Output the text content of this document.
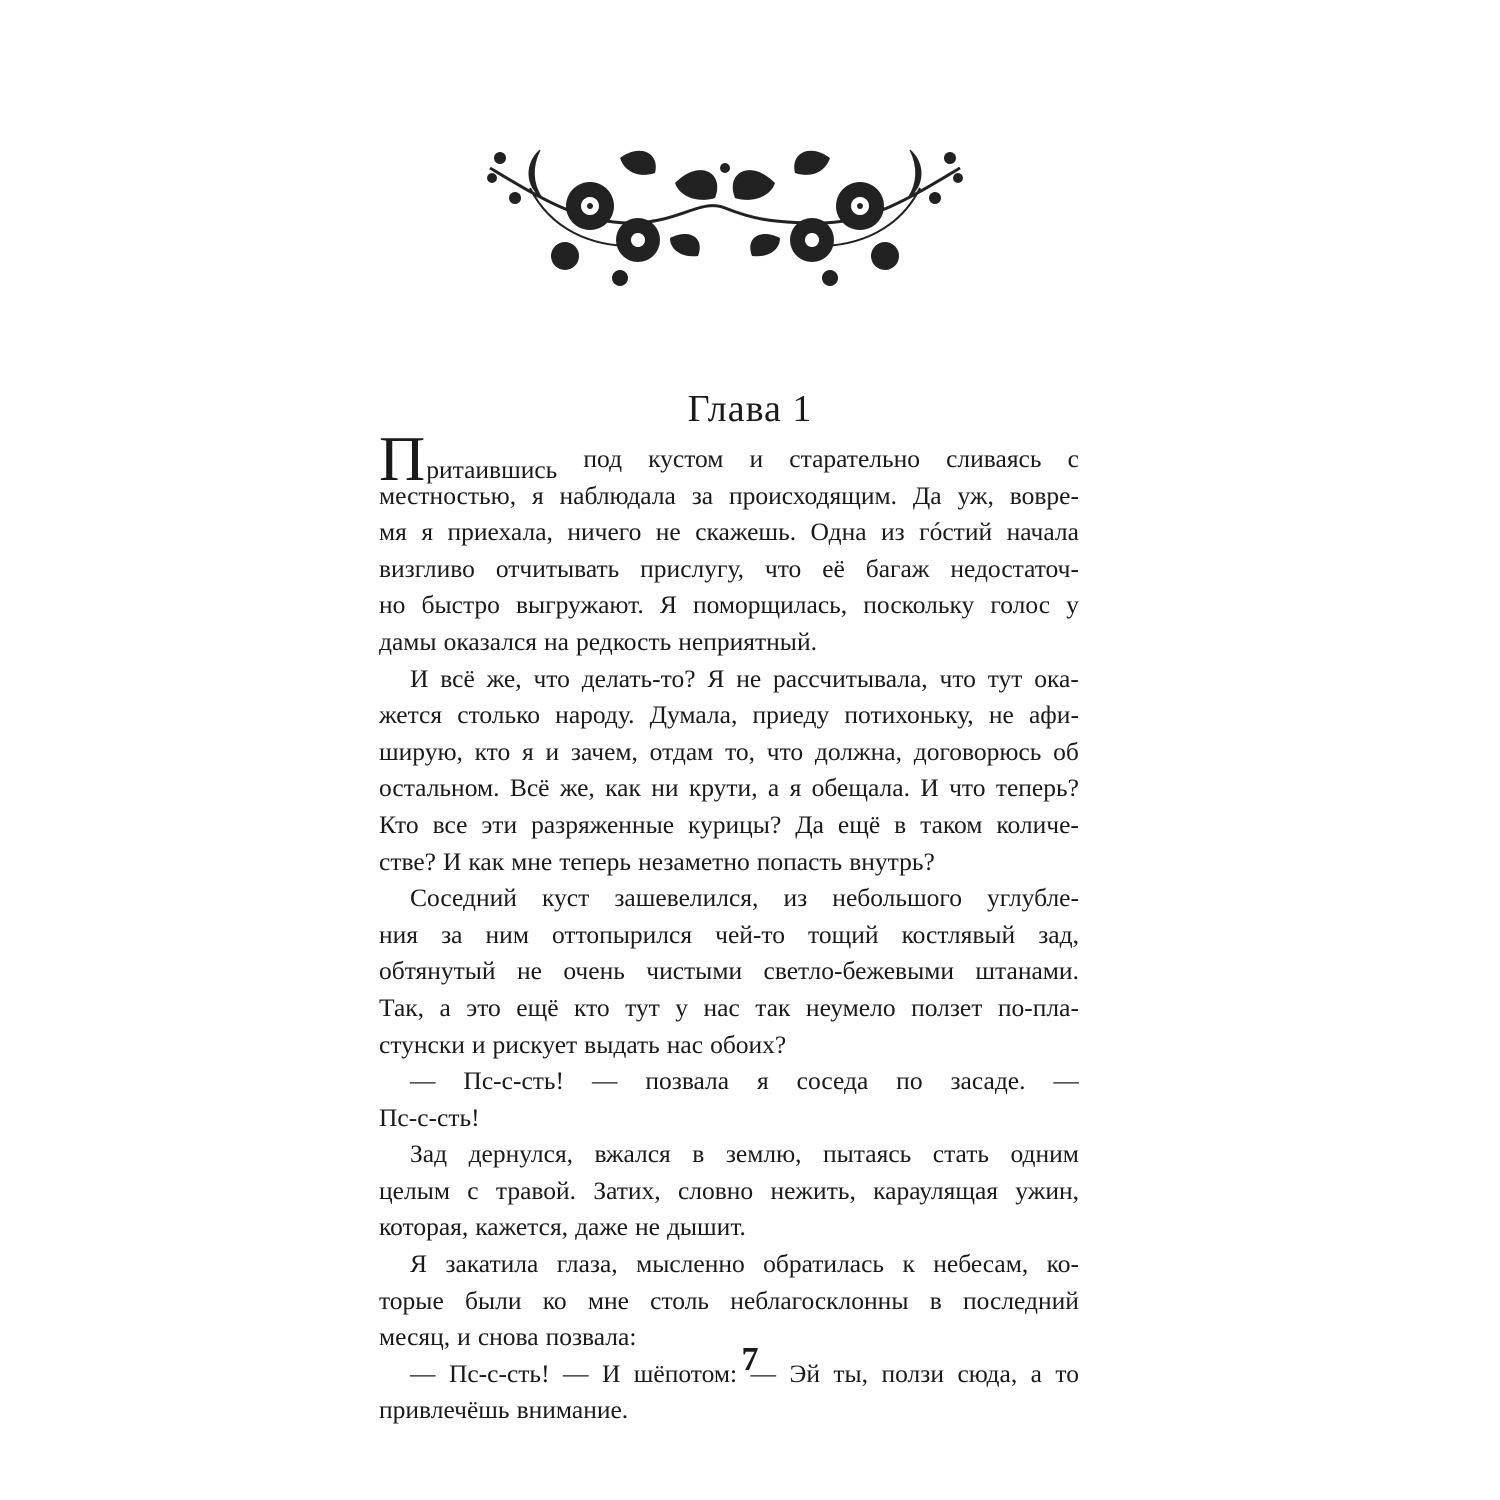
Глава 1
Притаившись под кустом и старательно сливаясь с
местностью, я наблюдала за происходящим. Да уж, вовре-
мя я приехала, ничего не скажешь. Одна из гóстий начала
визгливо отчитывать прислугу, что её багаж недостаточ-
но быстро выгружают. Я поморщилась, поскольку голос у
дамы оказался на редкость неприятный.
И всё же, что делать-то? Я не рассчитывала, что тут ока-
жется столько народу. Думала, приеду потихоньку, не афи-
ширую, кто я и зачем, отдам то, что должна, договорюсь об
остальном. Всё же, как ни крути, а я обещала. И что теперь?
Кто все эти разряженные курицы? Да ещё в таком количе-
стве? И как мне теперь незаметно попасть внутрь?
Соседний куст зашевелился, из небольшого углубле-
ния за ним оттопырился чей-то тощий костлявый зад,
обтянутый не очень чистыми светло-бежевыми штанами.
Так, а это ещё кто тут у нас так неумело ползет по-пла-
стунски и рискует выдать нас обоих?
— Пс-с-сть! — позвала я соседа по засаде. —
Пс-с-сть!
Зад дернулся, вжался в землю, пытаясь стать одним
целым с травой. Затих, словно нежить, караулящая ужин,
которая, кажется, даже не дышит.
Я закатила глаза, мысленно обратилась к небесам, ко-
торые были ко мне столь неблагосклонны в последний
месяц, и снова позвала:
— Пс-с-сть! — И шёпотом: — Эй ты, ползи сюда, а то
привлечёшь внимание.
7
